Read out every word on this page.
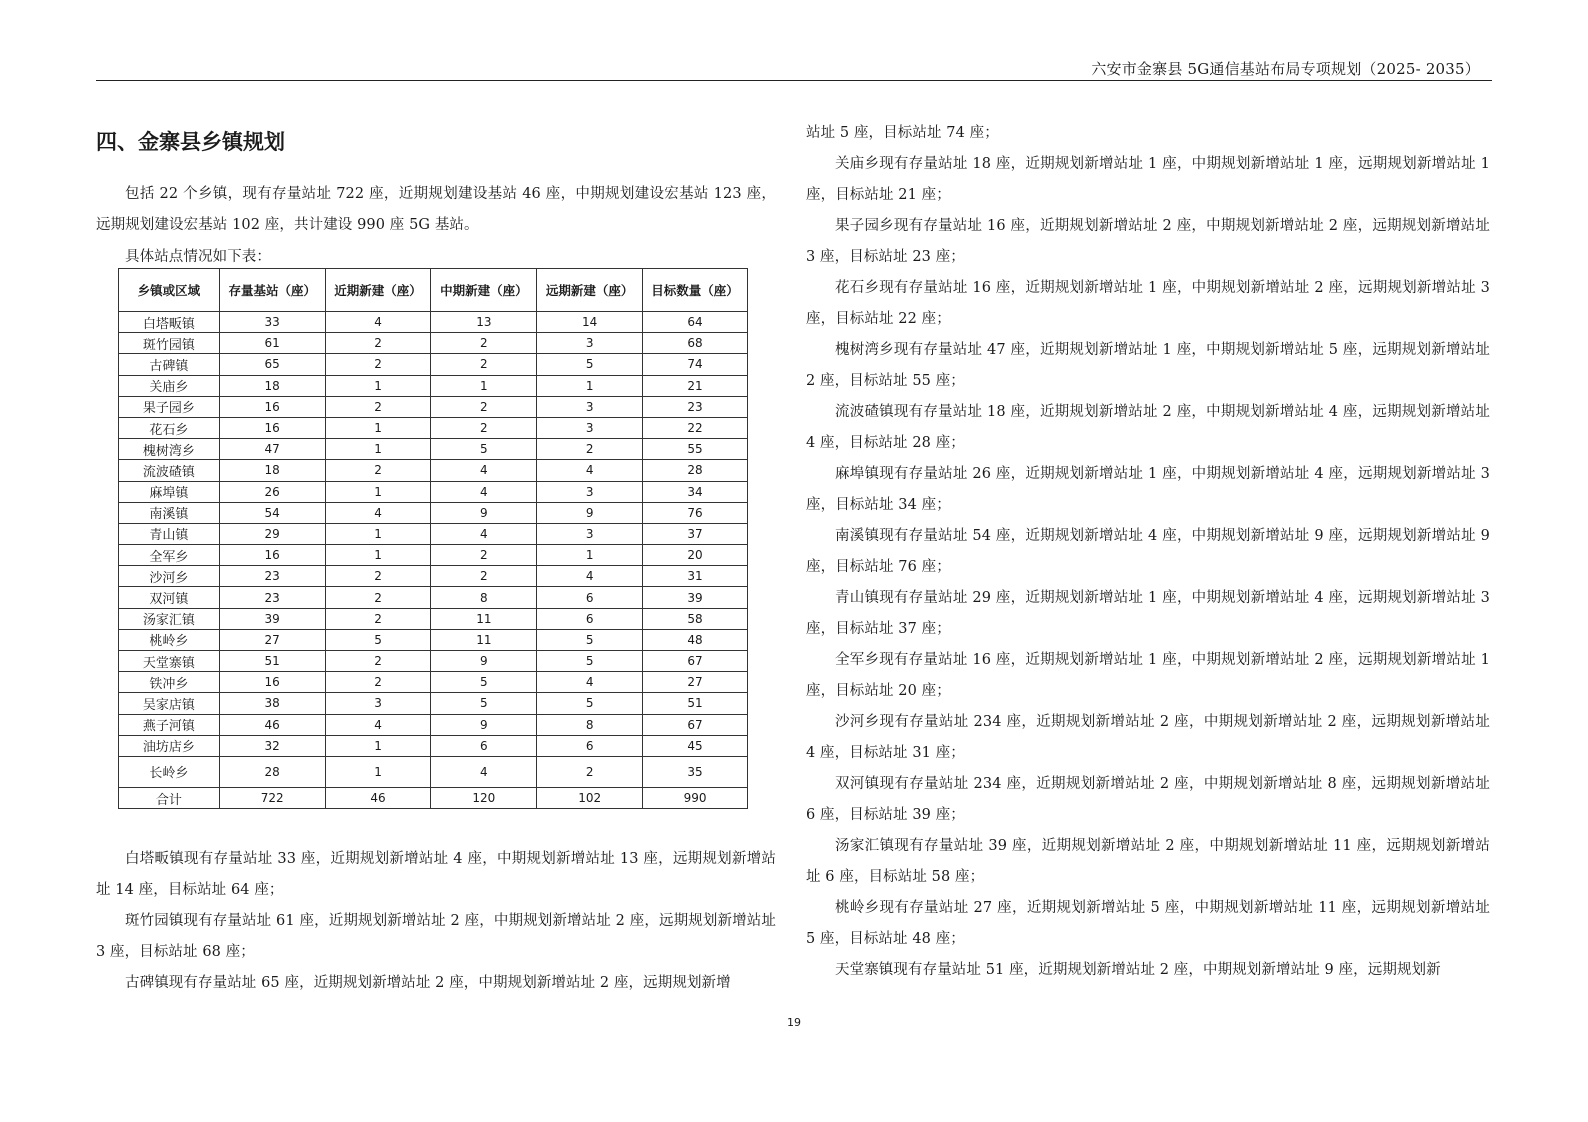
六安市金寨县 5G通信基站布局专项规划（2025- 2035）
四、金寨县乡镇规划

包括 22 个乡镇，现有存量站址 722 座，近期规划建设基站 46 座，中期规划建设宏基站 123 座，远期规划建设宏基站 102 座，共计建设 990 座 5G 基站。

具体站点情况如下表：

乡镇或区域	存量基站（座）	近期新建（座）	中期新建（座）	远期新建（座）	目标数量（座）
白塔畈镇	33	4	13	14	64
斑竹园镇	61	2	2	3	68
古碑镇	65	2	2	5	74
关庙乡	18	1	1	1	21
果子园乡	16	2	2	3	23
花石乡	16	1	2	3	22
槐树湾乡	47	1	5	2	55
流波碴镇	18	2	4	4	28
麻埠镇	26	1	4	3	34
南溪镇	54	4	9	9	76
青山镇	29	1	4	3	37
全军乡	16	1	2	1	20
沙河乡	23	2	2	4	31
双河镇	23	2	8	6	39
汤家汇镇	39	2	11	6	58
桃岭乡	27	5	11	5	48
天堂寨镇	51	2	9	5	67
铁冲乡	16	2	5	4	27
吴家店镇	38	3	5	5	51
燕子河镇	46	4	9	8	67
油坊店乡	32	1	6	6	45
长岭乡	28	1	4	2	35
合计	722	46	120	102	990

白塔畈镇现有存量站址 33 座，近期规划新增站址 4 座，中期规划新增站址 13 座，远期规划新增站址 14 座，目标站址 64 座；

斑竹园镇现有存量站址 61 座，近期规划新增站址 2 座，中期规划新增站址 2 座，远期规划新增站址 3 座，目标站址 68 座；

古碑镇现有存量站址 65 座，近期规划新增站址 2 座，中期规划新增站址 2 座，远期规划新增

站址 5 座，目标站址 74 座；

关庙乡现有存量站址 18 座，近期规划新增站址 1 座，中期规划新增站址 1 座，远期规划新增站址 1 座，目标站址 21 座；

果子园乡现有存量站址 16 座，近期规划新增站址 2 座，中期规划新增站址 2 座，远期规划新增站址 3 座，目标站址 23 座；

花石乡现有存量站址 16 座，近期规划新增站址 1 座，中期规划新增站址 2 座，远期规划新增站址 3 座，目标站址 22 座；

槐树湾乡现有存量站址 47 座，近期规划新增站址 1 座，中期规划新增站址 5 座，远期规划新增站址 2 座，目标站址 55 座；

流波碴镇现有存量站址 18 座，近期规划新增站址 2 座，中期规划新增站址 4 座，远期规划新增站址 4 座，目标站址 28 座；

麻埠镇现有存量站址 26 座，近期规划新增站址 1 座，中期规划新增站址 4 座，远期规划新增站址 3 座，目标站址 34 座；

南溪镇现有存量站址 54 座，近期规划新增站址 4 座，中期规划新增站址 9 座，远期规划新增站址 9 座，目标站址 76 座；

青山镇现有存量站址 29 座，近期规划新增站址 1 座，中期规划新增站址 4 座，远期规划新增站址 3 座，目标站址 37 座；

全军乡现有存量站址 16 座，近期规划新增站址 1 座，中期规划新增站址 2 座，远期规划新增站址 1 座，目标站址 20 座；

沙河乡现有存量站址 234 座，近期规划新增站址 2 座，中期规划新增站址 2 座，远期规划新增站址 4 座，目标站址 31 座；

双河镇现有存量站址 234 座，近期规划新增站址 2 座，中期规划新增站址 8 座，远期规划新增站址 6 座，目标站址 39 座；

汤家汇镇现有存量站址 39 座，近期规划新增站址 2 座，中期规划新增站址 11 座，远期规划新增站址 6 座，目标站址 58 座；

桃岭乡现有存量站址 27 座，近期规划新增站址 5 座，中期规划新增站址 11 座，远期规划新增站址 5 座，目标站址 48 座；

天堂寨镇现有存量站址 51 座，近期规划新增站址 2 座，中期规划新增站址 9 座，远期规划新

19
